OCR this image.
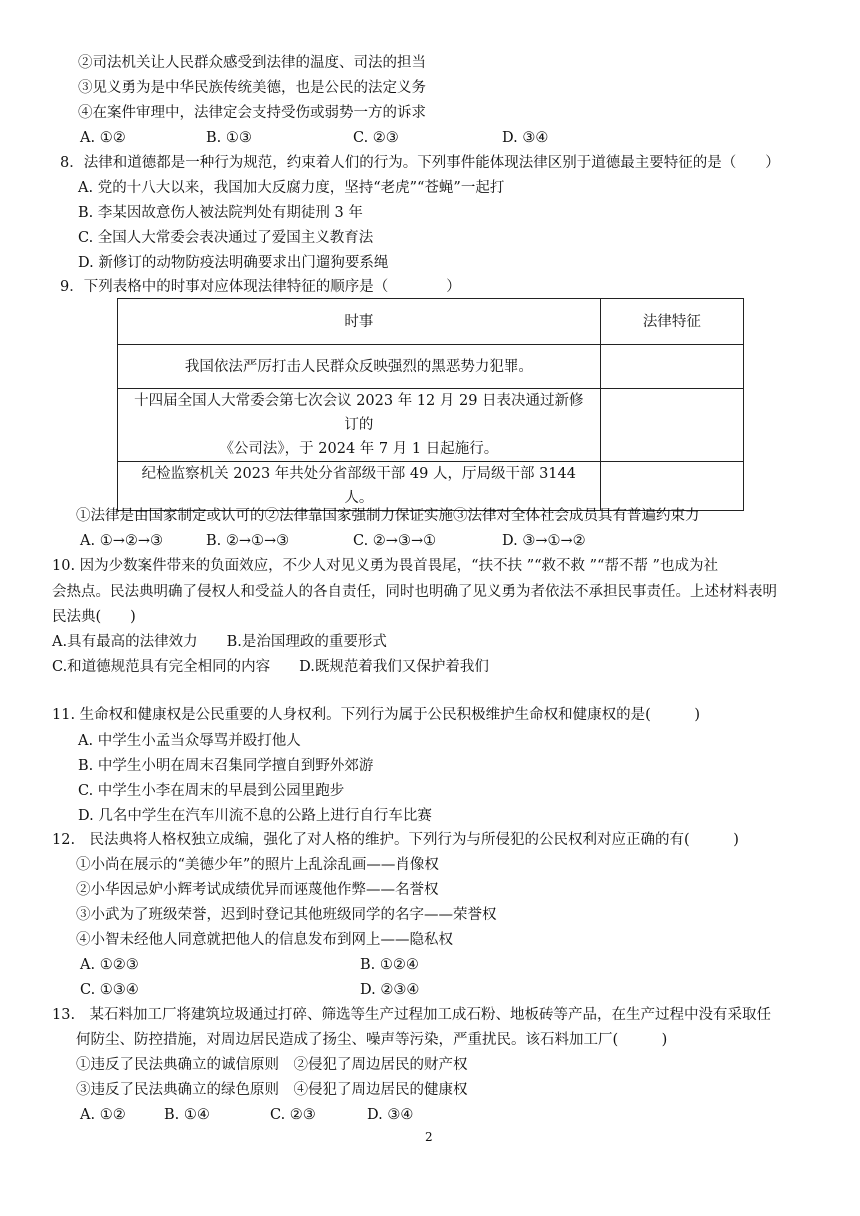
②司法机关让人民群众感受到法律的温度、司法的担当
③见义勇为是中华民族传统美德，也是公民的法定义务
④在案件审理中，法律定会支持受伤或弱势一方的诉求
A. ①②	B. ①③	C. ②③	D. ③④
8．法律和道德都是一种行为规范，约束着人们的行为。下列事件能体现法律区别于道德最主要特征的是（　　）
A. 党的十八大以来，我国加大反腐力度，坚持“老虎”“苍蝇”一起打
B. 李某因故意伤人被法院判处有期徒刑 3 年
C. 全国人大常委会表决通过了爱国主义教育法
D. 新修订的动物防疫法明确要求出门遛狗要系绳
9．下列表格中的时事对应体现法律特征的顺序是（　　　　）
时事	法律特征
我国依法严厉打击人民群众反映强烈的黑恶势力犯罪。	

十四届全国人大常委会第七次会议 2023 年 12 月 29 日表决通过新修订的
《公司法》，于 2024 年 7 月 1 日起施行。	

纪检监察机关 2023 年共处分省部级干部 49 人，厅局级干部 3144 人。	
①法律是由国家制定或认可的②法律靠国家强制力保证实施③法律对全体社会成员具有普遍约束力
A. ①→②→③	B. ②→①→③	C. ②→③→①	D. ③→①→②
10. 因为少数案件带来的负面效应，不少人对见义勇为畏首畏尾，“扶不扶 ”“救不救 ”“帮不帮 ”也成为社
会热点。民法典明确了侵权人和受益人的各自责任，同时也明确了见义勇为者依法不承担民事责任。上述材料表明
民法典(　　)
A.具有最高的法律效力　　B.是治国理政的重要形式
C.和道德规范具有完全相同的内容　　D.既规范着我们又保护着我们
11. 生命权和健康权是公民重要的人身权利。下列行为属于公民积极维护生命权和健康权的是(　　　)
A. 中学生小孟当众辱骂并殴打他人
B. 中学生小明在周末召集同学擅自到野外郊游
C. 中学生小李在周末的早晨到公园里跑步
D. 几名中学生在汽车川流不息的公路上进行自行车比赛
12.　民法典将人格权独立成编，强化了对人格的维护。下列行为与所侵犯的公民权利对应正确的有(　　　)
①小尚在展示的“美德少年”的照片上乱涂乱画——肖像权
②小华因忌妒小辉考试成绩优异而诬蔑他作弊——名誉权
③小武为了班级荣誉，迟到时登记其他班级同学的名字——荣誉权
④小智未经他人同意就把他人的信息发布到网上——隐私权
A. ①②③	B. ①②④
C. ①③④	D. ②③④
13.　某石料加工厂将建筑垃圾通过打碎、筛选等生产过程加工成石粉、地板砖等产品，在生产过程中没有采取任
何防尘、防控措施，对周边居民造成了扬尘、噪声等污染，严重扰民。该石料加工厂(　　　)
①违反了民法典确立的诚信原则　②侵犯了周边居民的财产权
③违反了民法典确立的绿色原则　④侵犯了周边居民的健康权
A. ①②	B. ①④	C. ②③	D. ③④
2
